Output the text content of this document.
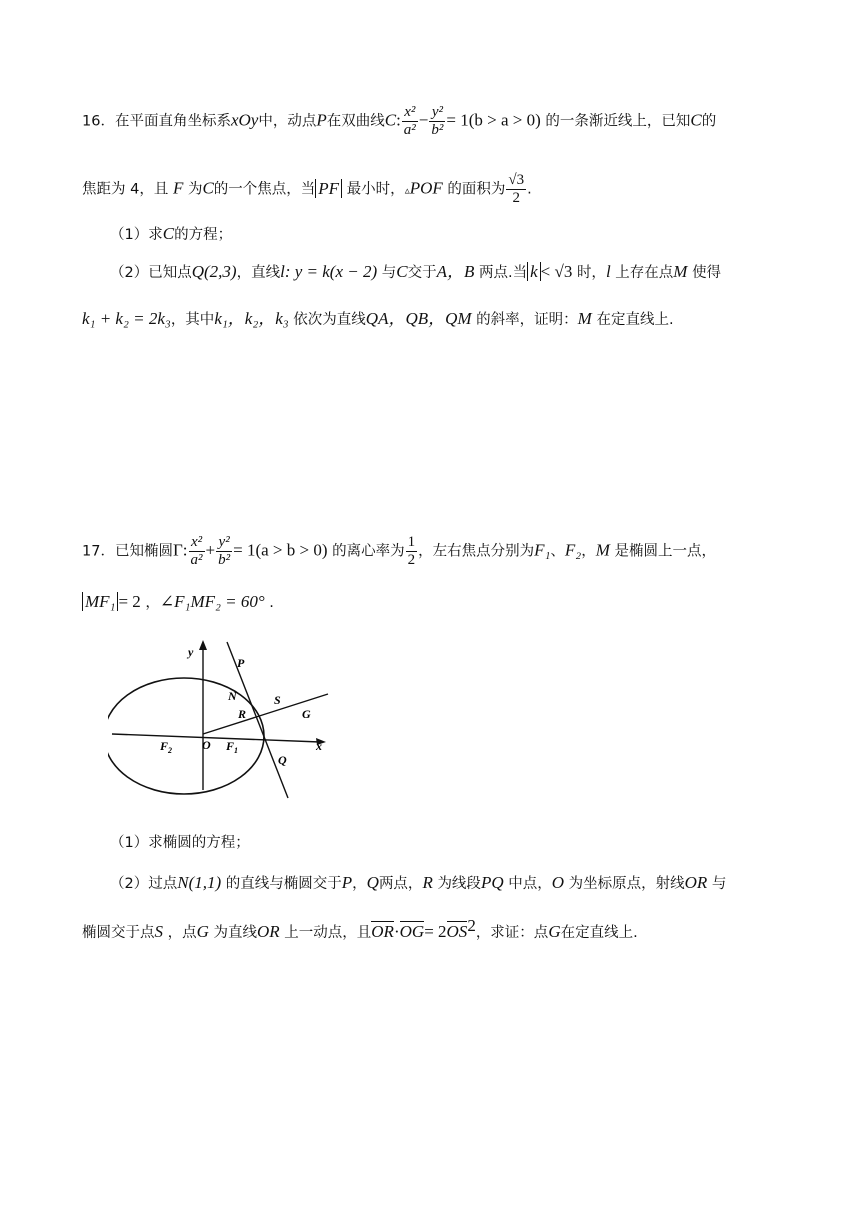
16．在平面直角坐标系xOy中，动点P在双曲线C: $\frac{\text{x²}}{\text{a²}} - \frac{\text{y²}}{\text{b²}} = 1(b > a > 0)$ 的一条渐近线上，已知C的
焦距为 4，且 F 为C的一个焦点，当 PF 最小时，▵POF 的面积为 $\frac{√3}{2}$ .
（1）求C的方程；
（2）已知点Q(2,3)，直线l: y = k(x − 2) 与C交于A，B 两点.当 k < √3 时，l 上存在点M 使得
k₁ + k₂ = 2k₃，其中k₁，k₂，k₃ 依次为直线QA，QB，QM 的斜率，证明：M 在定直线上.
17．已知椭圆Γ: $\frac{\text{x²}}{\text{a²}} + \frac{\text{y²}}{\text{b²}} = 1(a > b > 0)$ 的离心率为 $\frac{1}{2}$ ，左右焦点分别为F₁、F₂，M 是椭圆上一点，
MF₁ = 2 ，∠F₁MF₂ = 60° .
y
x
O $F_1$
$F_2$
P
N
R
S
G
Q
（1）求椭圆的方程；
（2）过点N(1,1) 的直线与椭圆交于P，Q两点，R 为线段PQ 中点，O 为坐标原点，射线OR 与
椭圆交于点S ，点G 为直线OR 上一动点，且$OR\cdot OG= 2OS^2$，求证：点G在定直线上.
